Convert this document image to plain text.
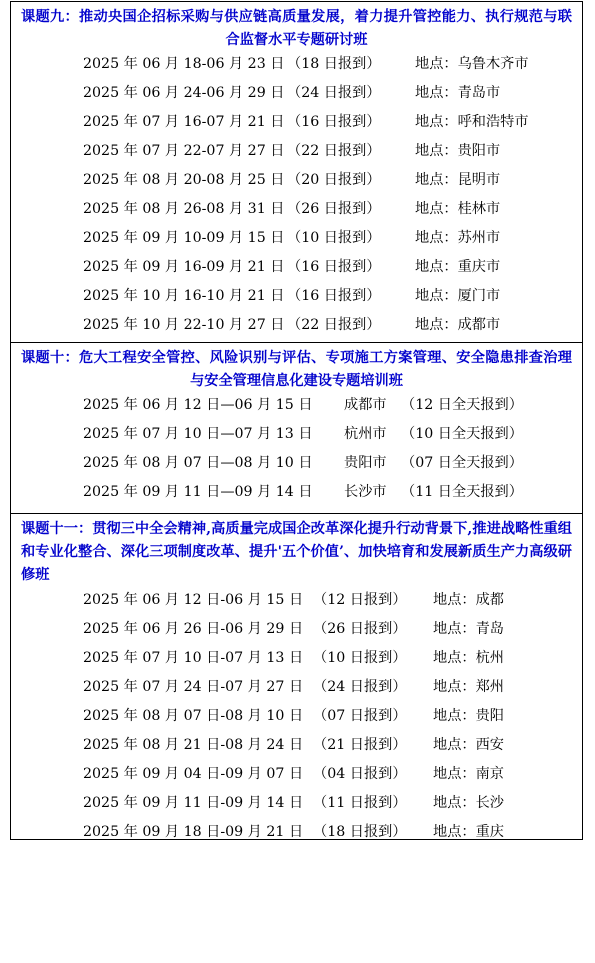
课题九：推动央国企招标采购与供应链高质量发展，着力提升管控能力、执行规范与联合监督水平专题研讨班

2025 年 06 月 18-06 月 23 日

（18 日报到）

地点：乌鲁木齐市

2025 年 06 月 24-06 月 29 日

（24 日报到）

地点：青岛市

2025 年 07 月 16-07 月 21 日

（16 日报到）

地点：呼和浩特市

2025 年 07 月 22-07 月 27 日

（22 日报到）

地点：贵阳市

2025 年 08 月 20-08 月 25 日

（20 日报到）

地点：昆明市

2025 年 08 月 26-08 月 31 日

（26 日报到）

地点：桂林市

2025 年 09 月 10-09 月 15 日

（10 日报到）

地点：苏州市

2025 年 09 月 16-09 月 21 日

（16 日报到）

地点：重庆市

2025 年 10 月 16-10 月 21 日

（16 日报到）

地点：厦门市

2025 年 10 月 22-10 月 27 日

（22 日报到）

地点：成都市

课题十：危大工程安全管控、风险识别与评估、专项施工方案管理、安全隐患排查治理与安全管理信息化建设专题培训班

2025 年 06 月 12 日—06 月 15 日

成都市

（12 日全天报到）

2025 年 07 月 10 日—07 月 13 日

杭州市

（10 日全天报到）

2025 年 08 月 07 日—08 月 10 日

贵阳市

（07 日全天报到）

2025 年 09 月 11 日—09 月 14 日

长沙市

（11 日全天报到）

课题十一：贯彻三中全会精神,高质量完成国企改革深化提升行动背景下,推进战略性重组和专业化整合、深化三项制度改革、提升'五个价值’、加快培育和发展新质生产力高级研修班

2025 年 06 月 12 日-06 月 15 日

（12 日报到）

地点：成都

2025 年 06 月 26 日-06 月 29 日

（26 日报到）

地点：青岛

2025 年 07 月 10 日-07 月 13 日

（10 日报到）

地点：杭州

2025 年 07 月 24 日-07 月 27 日

（24 日报到）

地点：郑州

2025 年 08 月 07 日-08 月 10 日

（07 日报到）

地点：贵阳

2025 年 08 月 21 日-08 月 24 日

（21 日报到）

地点：西安

2025 年 09 月 04 日-09 月 07 日

（04 日报到）

地点：南京

2025 年 09 月 11 日-09 月 14 日

（11 日报到）

地点：长沙

2025 年 09 月 18 日-09 月 21 日

（18 日报到）

地点：重庆
